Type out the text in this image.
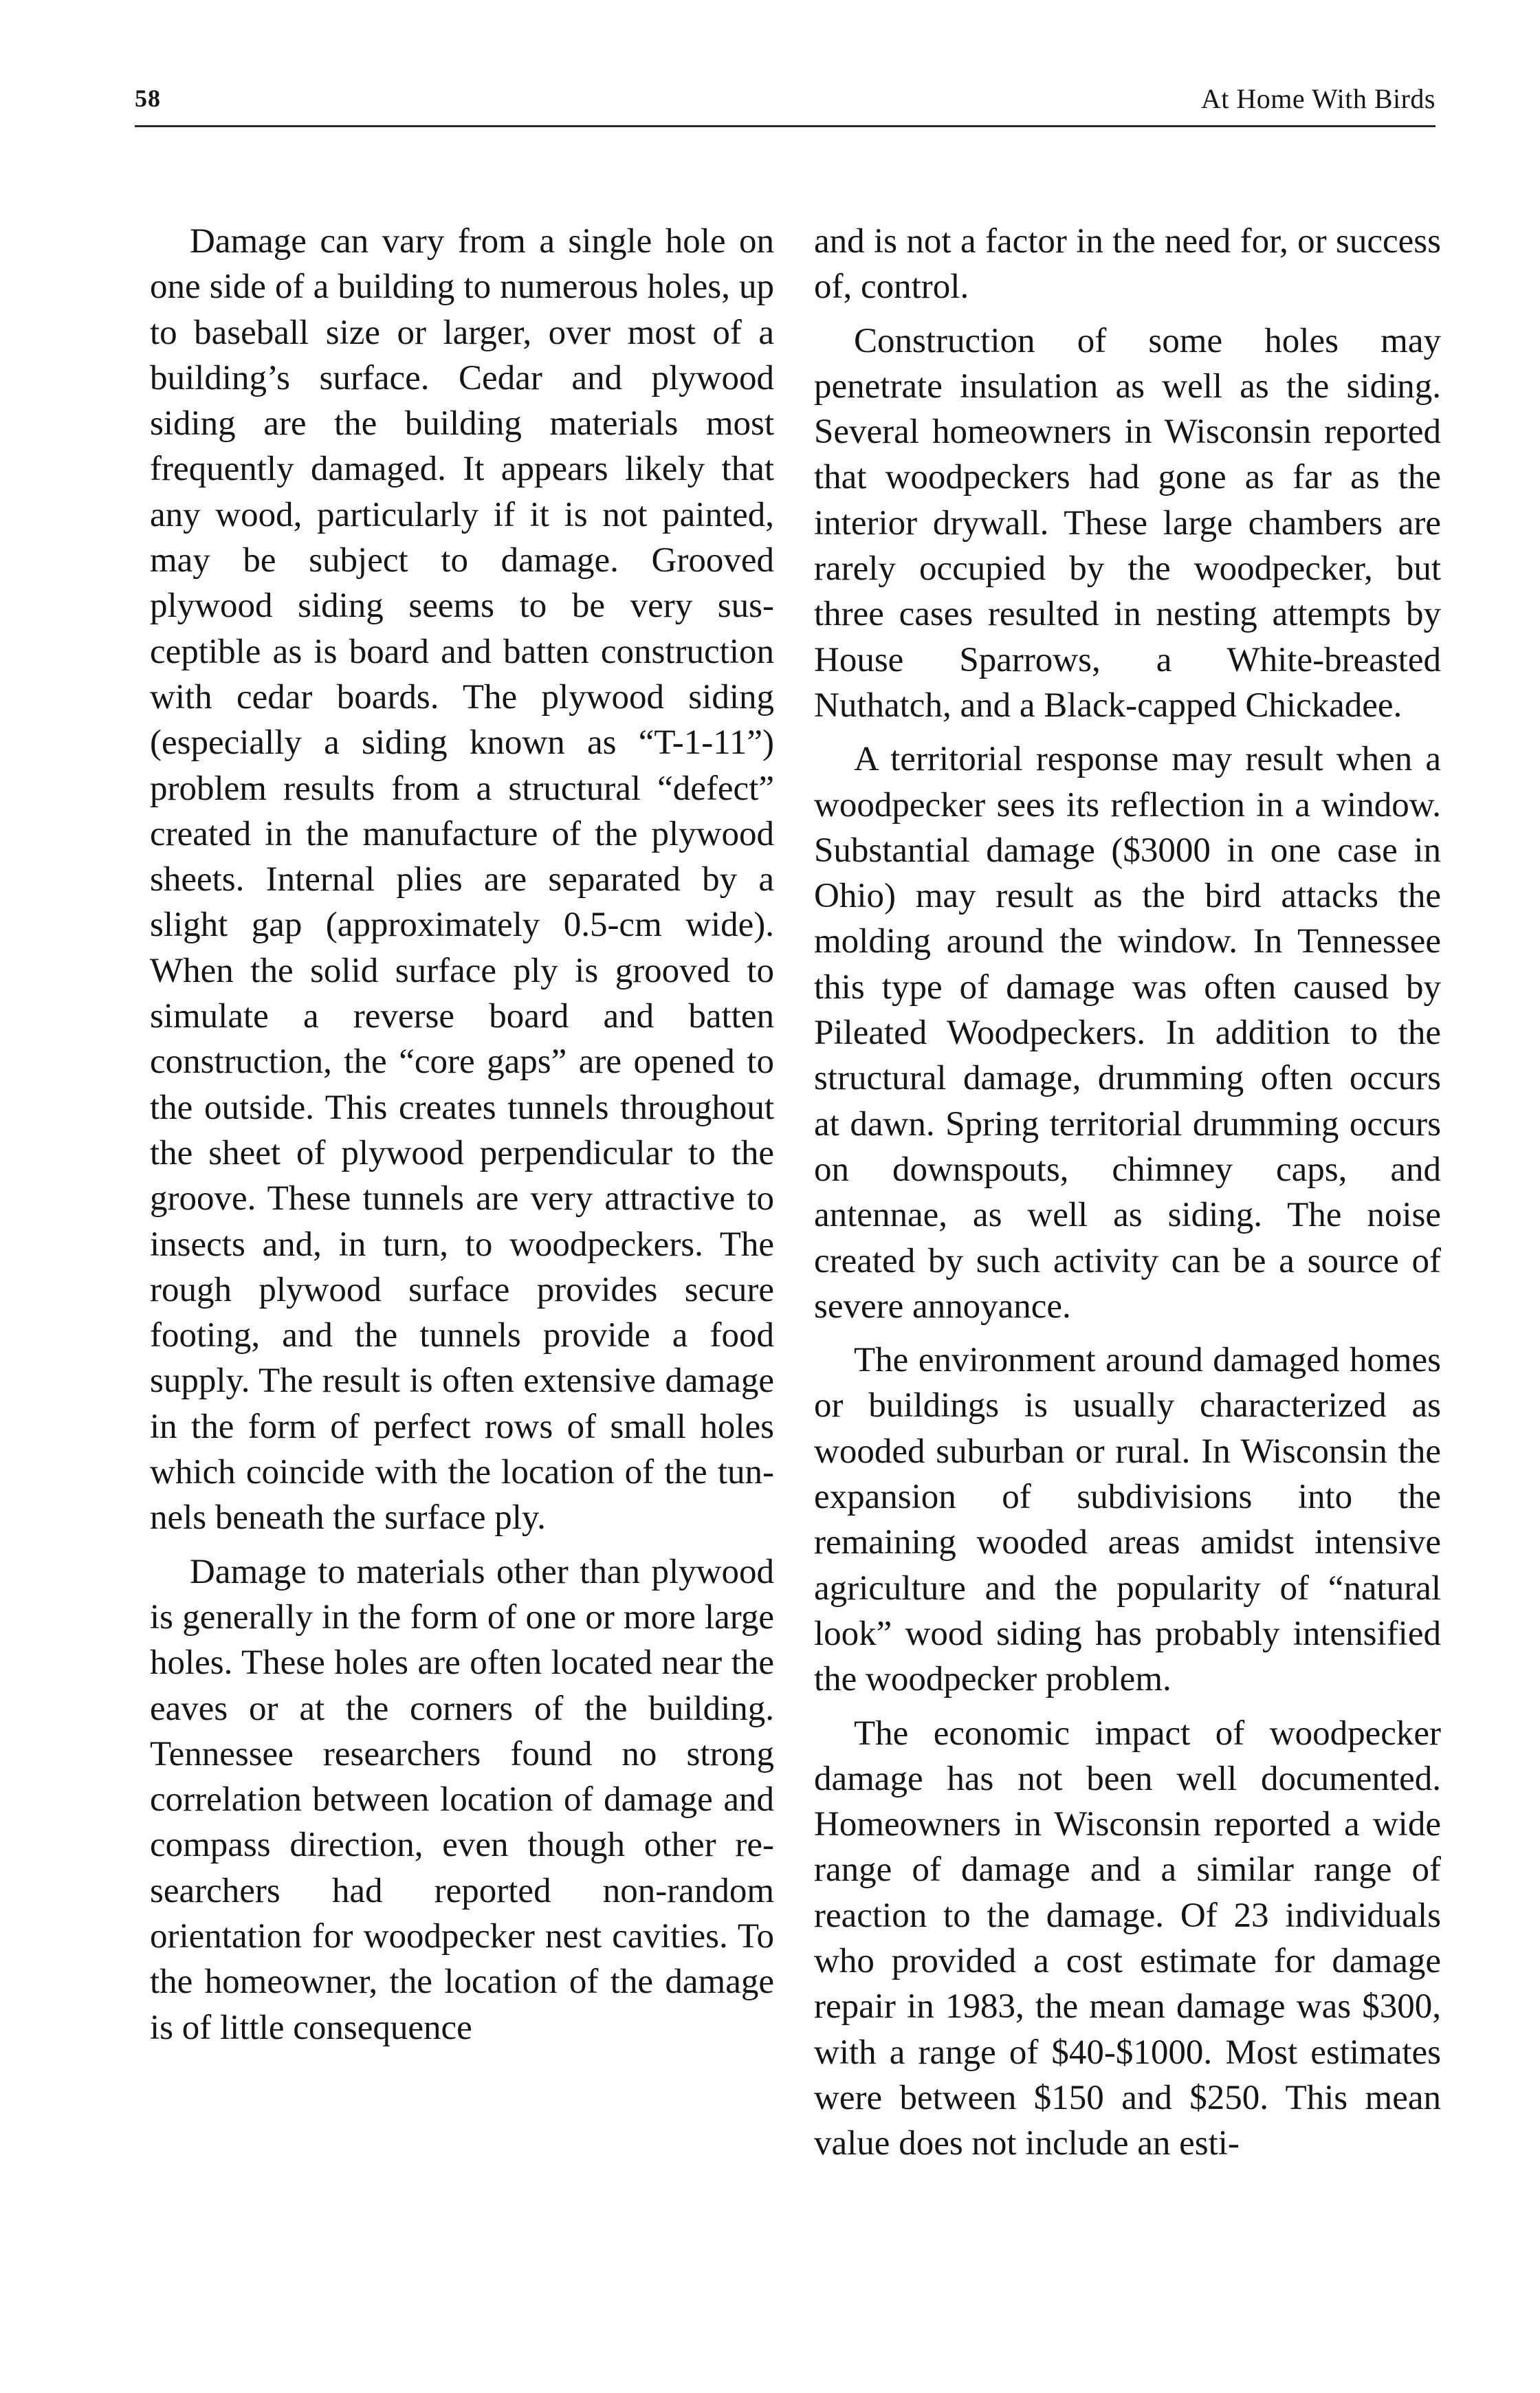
58	At Home With Birds

Damage can vary from a single hole on one side of a building to numerous holes, up to baseball size or larger, over most of a building’s surface. Cedar and plywood siding are the building materials most frequently damaged. It appears likely that any wood, particularly if it is not painted, may be subject to damage. Grooved plywood siding seems to be very susceptible as is board and batten construction with cedar boards. The plywood siding (especially a siding known as “T-1-11”) problem results from a structural “defect” created in the manufacture of the plywood sheets. Internal plies are separated by a slight gap (approximately 0.5-cm wide). When the solid surface ply is grooved to simulate a reverse board and batten construction, the “core gaps” are opened to the outside. This creates tunnels throughout the sheet of plywood perpendicular to the groove. These tunnels are very attractive to insects and, in turn, to woodpeckers. The rough plywood surface provides secure footing, and the tunnels provide a food supply. The result is often extensive damage in the form of perfect rows of small holes which coincide with the location of the tunnels beneath the surface ply.

Damage to materials other than plywood is generally in the form of one or more large holes. These holes are often located near the eaves or at the corners of the building. Tennessee researchers found no strong correlation between location of damage and compass direction, even though other researchers had reported non-random orientation for woodpecker nest cavities. To the homeowner, the location of the damage is of little consequence

and is not a factor in the need for, or success of, control.

Construction of some holes may penetrate insulation as well as the siding. Several homeowners in Wisconsin reported that woodpeckers had gone as far as the interior drywall. These large chambers are rarely occupied by the woodpecker, but three cases resulted in nesting attempts by House Sparrows, a White-breasted Nuthatch, and a Black-capped Chickadee.

A territorial response may result when a woodpecker sees its reflection in a window. Substantial damage ($3000 in one case in Ohio) may result as the bird attacks the molding around the window. In Tennessee this type of damage was often caused by Pileated Woodpeckers. In addition to the structural damage, drumming often occurs at dawn. Spring territorial drumming occurs on downspouts, chimney caps, and antennae, as well as siding. The noise created by such activity can be a source of severe annoyance.

The environment around damaged homes or buildings is usually characterized as wooded suburban or rural. In Wisconsin the expansion of subdivisions into the remaining wooded areas amidst intensive agriculture and the popularity of “natural look” wood siding has probably intensified the woodpecker problem.

The economic impact of woodpecker damage has not been well documented. Homeowners in Wisconsin reported a wide range of damage and a similar range of reaction to the damage. Of 23 individuals who provided a cost estimate for damage repair in 1983, the mean damage was $300, with a range of $40-$1000. Most estimates were between $150 and $250. This mean value does not include an esti-
